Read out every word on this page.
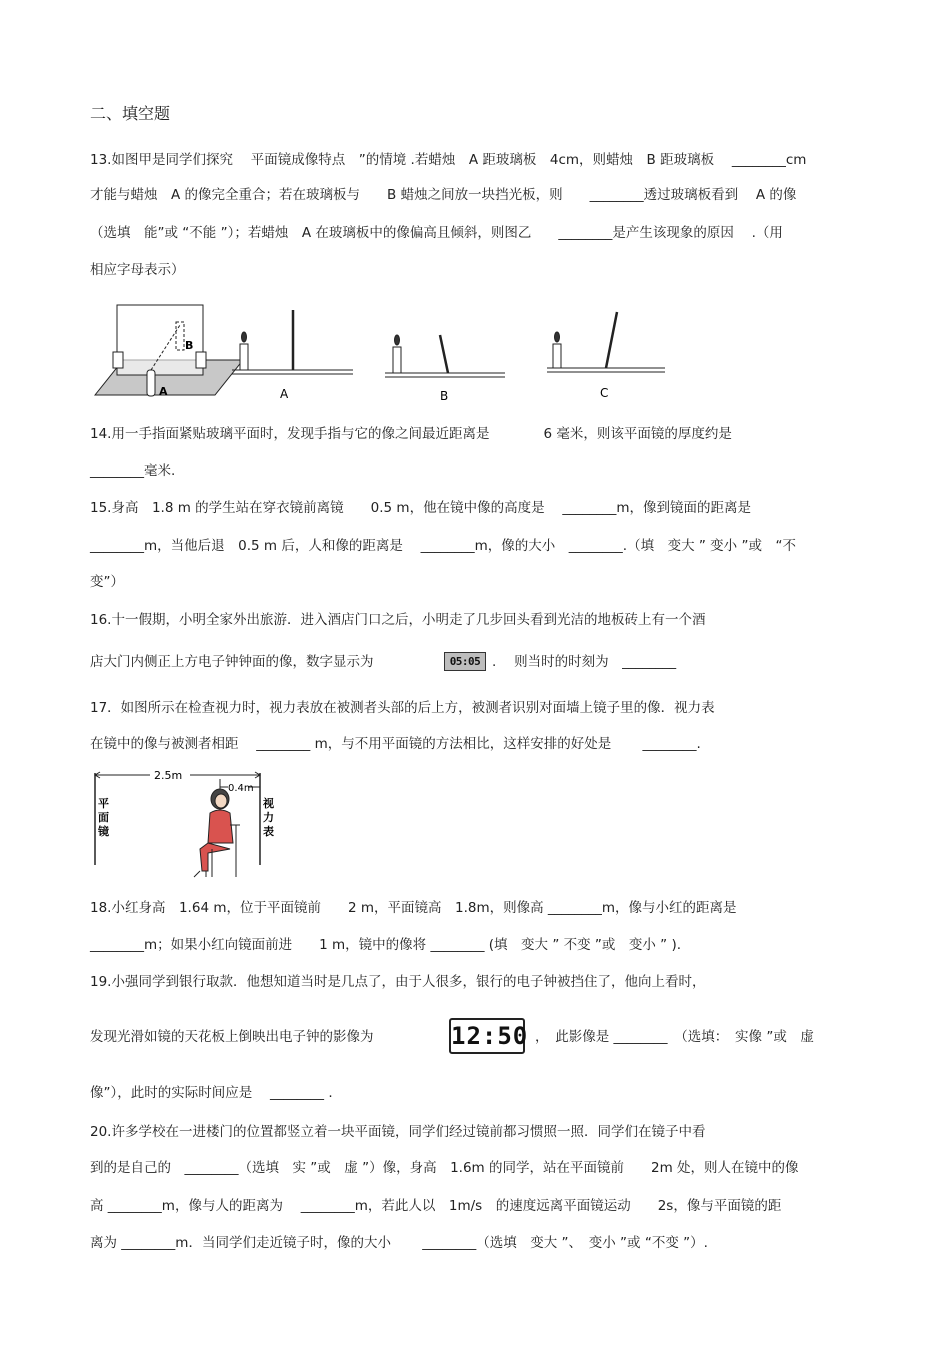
二、填空题
13.如图甲是同学们探究　 平面镜成像特点　”的情境 .若蜡烛　A 距玻璃板　4cm，则蜡烛　B 距玻璃板　 ________cm
才能与蜡烛　A 的像完全重合；若在玻璃板与　　B 蜡烛之间放一块挡光板，则　　________透过玻璃板看到　 A 的像
（选填　能”或 “不能 ”）；若蜡烛　A 在玻璃板中的像偏高且倾斜，则图乙　　________是产生该现象的原因　 .（用
相应字母表示）
A
B
A	B	C
14.用一手指面紧贴玻璃平面时，发现手指与它的像之间最近距离是　　　　6 毫米，则该平面镜的厚度约是
________毫米.
15.身高　1.8 m 的学生站在穿衣镜前离镜　　0.5 m，他在镜中像的高度是　 ________m，像到镜面的距离是
________m，当他后退　0.5 m 后，人和像的距离是　 ________m，像的大小　________.（填　变大 ” 变小 ”或　“不
变”）
16.十一假期，小明全家外出旅游．进入酒店门口之后，小明走了几步回头看到光洁的地板砖上有一个酒
店大门内侧正上方电子钟钟面的像，数字显示为	05:05 . 　则当时的时刻为　________
17．如图所示在检查视力时，视力表放在被测者头部的后上方，被测者识别对面墙上镜子里的像．视力表
在镜中的像与被测者相距　 ________ m，与不用平面镜的方法相比，这样安排的好处是　　 ________.
2.5m
0.4m
平
面
镜
视
力
表
18.小红身高　1.64 m，位于平面镜前　　2 m，平面镜高　1.8m，则像高 ________m，像与小红的距离是
________m；如果小红向镜面前进　　1 m，镜中的像将 ________ (填　变大 ” 不变 ”或　变小 ” ).
19.小强同学到银行取款．他想知道当时是几点了，由于人很多，银行的电子钟被挡住了，他向上看时，
发现光滑如镜的天花板上倒映出电子钟的影像为	12:50 ，　此影像是 ________　（选填：　实像 ”或　虚
像”），此时的实际时间应是　 ________ .
20.许多学校在一进楼门的位置都竖立着一块平面镜，同学们经过镜前都习惯照一照．同学们在镜子中看
到的是自己的　________（选填　实 ”或　虚 ”）像，身高　1.6m 的同学，站在平面镜前　　2m 处，则人在镜中的像
高 ________m，像与人的距离为　 ________m，若此人以　1m/s　的速度远离平面镜运动　　2s，像与平面镜的距
离为 ________m．当同学们走近镜子时，像的大小　　 ________（选填　变大 ”、　变小 ”或 “不变 ”）.
